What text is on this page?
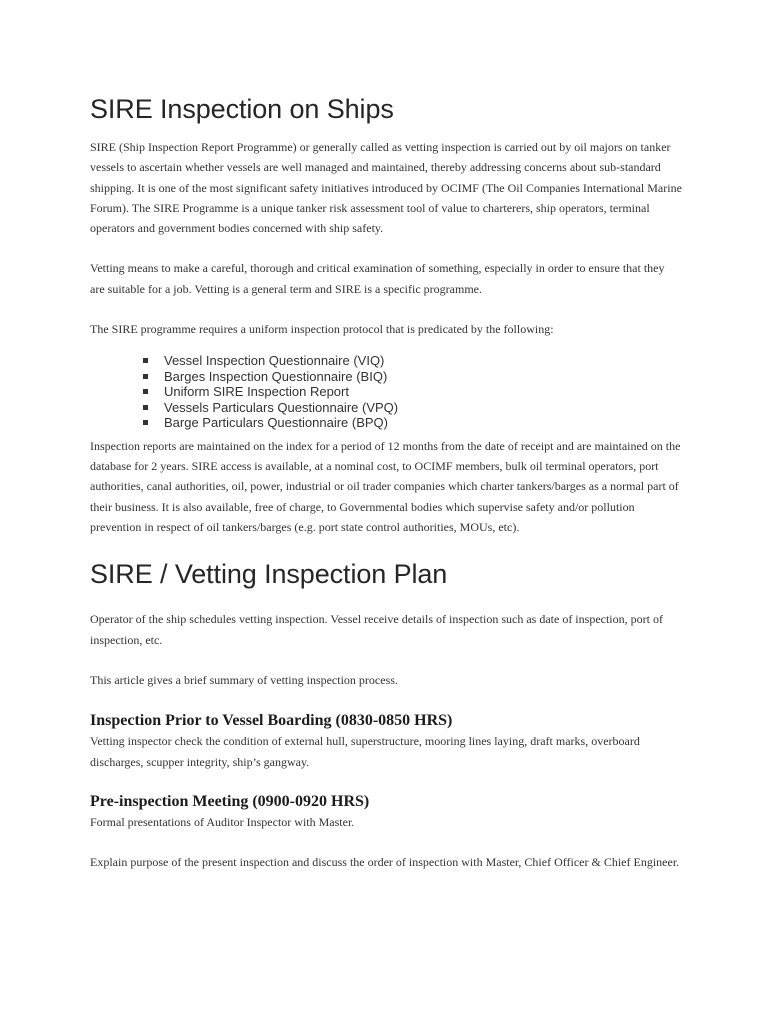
SIRE Inspection on Ships

SIRE (Ship Inspection Report Programme) or generally called as vetting inspection is carried out by oil majors on tanker vessels to ascertain whether vessels are well managed and maintained, thereby addressing concerns about sub-standard shipping. It is one of the most significant safety initiatives introduced by OCIMF (The Oil Companies International Marine Forum). The SIRE Programme is a unique tanker risk assessment tool of value to charterers, ship operators, terminal operators and government bodies concerned with ship safety.

Vetting means to make a careful, thorough and critical examination of something, especially in order to ensure that they are suitable for a job. Vetting is a general term and SIRE is a specific programme.

The SIRE programme requires a uniform inspection protocol that is predicated by the following:

Vessel Inspection Questionnaire (VIQ)
Barges Inspection Questionnaire (BIQ)
Uniform SIRE Inspection Report
Vessels Particulars Questionnaire (VPQ)
Barge Particulars Questionnaire (BPQ)

Inspection reports are maintained on the index for a period of 12 months from the date of receipt and are maintained on the database for 2 years. SIRE access is available, at a nominal cost, to OCIMF members, bulk oil terminal operators, port authorities, canal authorities, oil, power, industrial or oil trader companies which charter tankers/barges as a normal part of their business. It is also available, free of charge, to Governmental bodies which supervise safety and/or pollution prevention in respect of oil tankers/barges (e.g. port state control authorities, MOUs, etc).

SIRE / Vetting Inspection Plan

Operator of the ship schedules vetting inspection. Vessel receive details of inspection such as date of inspection, port of inspection, etc.

This article gives a brief summary of vetting inspection process.

Inspection Prior to Vessel Boarding (0830-0850 HRS)

Vetting inspector check the condition of external hull, superstructure, mooring lines laying, draft marks, overboard discharges, scupper integrity, ship’s gangway.

Pre-inspection Meeting (0900-0920 HRS)

Formal presentations of Auditor Inspector with Master.

Explain purpose of the present inspection and discuss the order of inspection with Master, Chief Officer & Chief Engineer.
